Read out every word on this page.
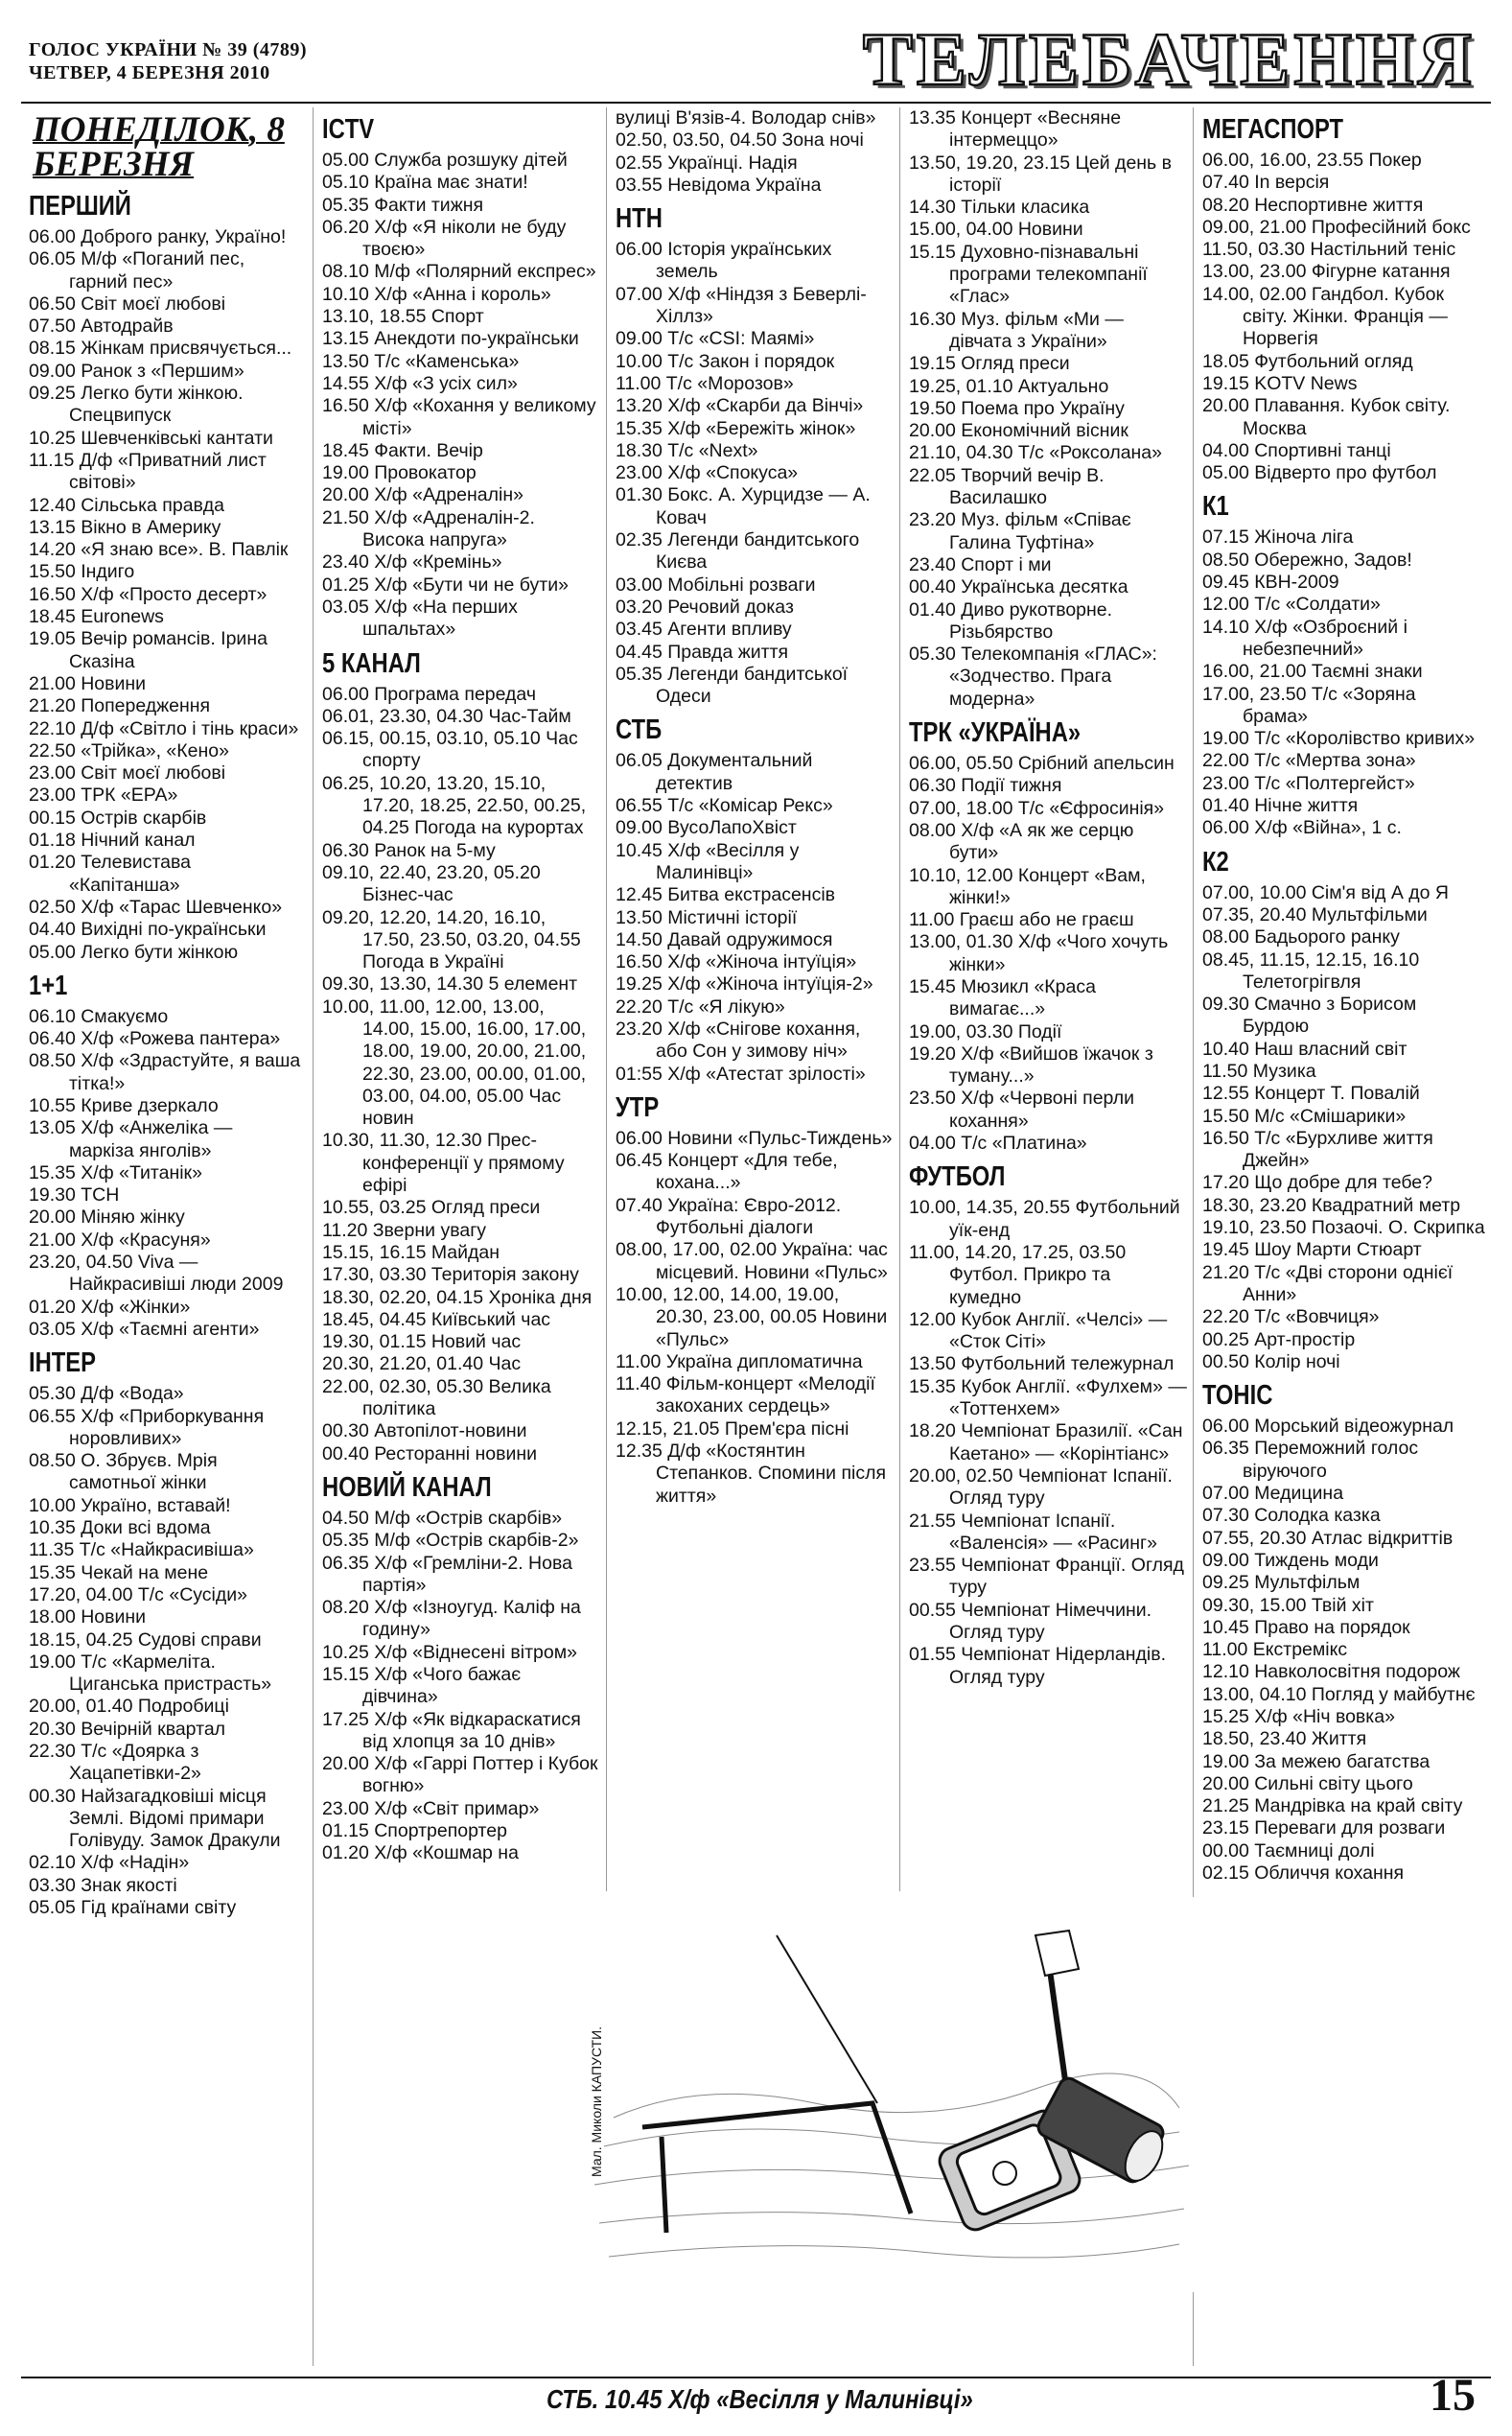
ГОЛОС УКРАЇНИ № 39 (4789)
ЧЕТВЕР, 4 БЕРЕЗНЯ 2010	ТЕЛЕБАЧЕННЯ
ПОНЕДІЛОК, 8 БЕРЕЗНЯ
ПЕРШИЙ
06.00 Доброго ранку, Україно!
06.05 М/ф «Поганий пес, гарний пес»
06.50 Світ моєї любові
07.50 Автодрайв
08.15 Жінкам присвячується...
09.00 Ранок з «Першим»
09.25 Легко бути жінкою. Спецвипуск
10.25 Шевченківські кантати
11.15 Д/ф «Приватний лист світові»
12.40 Сільська правда
13.15 Вікно в Америку
14.20 «Я знаю все». В. Павлік
15.50 Індиго
16.50 Х/ф «Просто десерт»
18.45 Euronews
19.05 Вечір романсів. Ірина Сказіна
21.00 Новини
21.20 Попередження
22.10 Д/ф «Світло і тінь краси»
22.50 «Трійка», «Кено»
23.00 Світ моєї любові
23.00 ТРК «ЕРА»
00.15 Острів скарбів
01.18 Нічний канал
01.20 Телевистава «Капітанша»
02.50 Х/ф «Тарас Шевченко»
04.40 Вихідні по-українськи
05.00 Легко бути жінкою
1+1
06.10 Смакуємо
06.40 Х/ф «Рожева пантера»
08.50 Х/ф «Здрастуйте, я ваша тітка!»
10.55 Криве дзеркало
13.05 Х/ф «Анжеліка — маркіза янголів»
15.35 Х/ф «Титанік»
19.30 ТСН
20.00 Міняю жінку
21.00 Х/ф «Красуня»
23.20, 04.50 Viva — Найкрасивіші люди 2009
01.20 Х/ф «Жінки»
03.05 Х/ф «Таємні агенти»
ІНТЕР
05.30 Д/ф «Вода»
06.55 Х/ф «Приборкування норовливих»
08.50 О. Збруєв. Мрія самотньої жінки
10.00 Україно, вставай!
10.35 Доки всі вдома
11.35 Т/с «Найкрасивіша»
15.35 Чекай на мене
17.20, 04.00 Т/с «Сусіди»
18.00 Новини
18.15, 04.25 Судові справи
19.00 Т/с «Кармеліта. Циганська пристрасть»
20.00, 01.40 Подробиці
20.30 Вечірній квартал
22.30 Т/с «Доярка з Хацапетівки-2»
00.30 Найзагадковіші місця Землі. Відомі примари Голівуду. Замок Дракули
02.10 Х/ф «Надін»
03.30 Знак якості
05.05 Гід країнами світу
ICTV
05.00 Служба розшуку дітей
05.10 Країна має знати!
05.35 Факти тижня
06.20 Х/ф «Я ніколи не буду твоєю»
08.10 М/ф «Полярний експрес»
10.10 Х/ф «Анна і король»
13.10, 18.55 Спорт
13.15 Анекдоти по-українськи
13.50 Т/с «Каменська»
14.55 Х/ф «З усіх сил»
16.50 Х/ф «Кохання у великому місті»
18.45 Факти. Вечір
19.00 Провокатор
20.00 Х/ф «Адреналін»
21.50 Х/ф «Адреналін-2. Висока напруга»
23.40 Х/ф «Кремінь»
01.25 Х/ф «Бути чи не бути»
03.05 Х/ф «На перших шпальтах»
5 КАНАЛ
06.00 Програма передач
06.01, 23.30, 04.30 Час-Тайм
06.15, 00.15, 03.10, 05.10 Час спорту
06.25, 10.20, 13.20, 15.10, 17.20, 18.25, 22.50, 00.25, 04.25 Погода на курортах
06.30 Ранок на 5-му
09.10, 22.40, 23.20, 05.20 Бізнес-час
09.20, 12.20, 14.20, 16.10, 17.50, 23.50, 03.20, 04.55 Погода в Україні
09.30, 13.30, 14.30 5 елемент
10.00, 11.00, 12.00, 13.00, 14.00, 15.00, 16.00, 17.00, 18.00, 19.00, 20.00, 21.00, 22.30, 23.00, 00.00, 01.00, 03.00, 04.00, 05.00 Час новин
10.30, 11.30, 12.30 Прес-конференції у прямому ефірі
10.55, 03.25 Огляд преси
11.20 Зверни увагу
15.15, 16.15 Майдан
17.30, 03.30 Територія закону
18.30, 02.20, 04.15 Хроніка дня
18.45, 04.45 Київський час
19.30, 01.15 Новий час
20.30, 21.20, 01.40 Час
22.00, 02.30, 05.30 Велика політика
00.30 Автопілот-новини
00.40 Ресторанні новини
НОВИЙ КАНАЛ
04.50 М/ф «Острів скарбів»
05.35 М/ф «Острів скарбів-2»
06.35 Х/ф «Гремліни-2. Нова партія»
08.20 Х/ф «Ізноугуд. Каліф на годину»
10.25 Х/ф «Віднесені вітром»
15.15 Х/ф «Чого бажає дівчина»
17.25 Х/ф «Як відкараскатися від хлопця за 10 днів»
20.00 Х/ф «Гаррі Поттер і Кубок вогню»
23.00 Х/ф «Світ примар»
01.15 Спортрепортер
01.20 Х/ф «Кошмар на
вулиці В'язів-4. Володар снів»
02.50, 03.50, 04.50 Зона ночі
02.55 Українці. Надія
03.55 Невідома Україна
НТН
06.00 Історія українських земель
07.00 Х/ф «Ніндзя з Беверлі-Хіллз»
09.00 Т/с «CSI: Маямі»
10.00 Т/с Закон і порядок
11.00 Т/с «Морозов»
13.20 Х/ф «Скарби да Вінчі»
15.35 Х/ф «Бережіть жінок»
18.30 Т/с «Next»
23.00 Х/ф «Спокуса»
01.30 Бокс. А. Хурцидзе — А. Ковач
02.35 Легенди бандитського Києва
03.00 Мобільні розваги
03.20 Речовий доказ
03.45 Агенти впливу
04.45 Правда життя
05.35 Легенди бандитської Одеси
СТБ
06.05 Документальний детектив
06.55 Т/с «Комісар Рекс»
09.00 ВусоЛапоХвіст
10.45 Х/ф «Весілля у Малинівці»
12.45 Битва екстрасенсів
13.50 Містичні історії
14.50 Давай одружимося
16.50 Х/ф «Жіноча інтуїція»
19.25 Х/ф «Жіноча інтуїція-2»
22.20 Т/с «Я лікую»
23.20 Х/ф «Снігове кохання, або Сон у зимову ніч»
01:55 Х/ф «Атестат зрілості»
УТР
06.00 Новини «Пульс-Тиждень»
06.45 Концерт «Для тебе, кохана...»
07.40 Україна: Євро-2012. Футбольні діалоги
08.00, 17.00, 02.00 Україна: час місцевий. Новини «Пульс»
10.00, 12.00, 14.00, 19.00, 20.30, 23.00, 00.05 Новини «Пульс»
11.00 Україна дипломатична
11.40 Фільм-концерт «Мелодії закоханих сердець»
12.15, 21.05 Прем'єра пісні
12.35 Д/ф «Костянтин Степанков. Спомини після життя»
13.35 Концерт «Весняне інтермеццо»
13.50, 19.20, 23.15 Цей день в історії
14.30 Тільки класика
15.00, 04.00 Новини
15.15 Духовно-пізнавальні програми телекомпанії «Глас»
16.30 Муз. фільм «Ми — дівчата з України»
19.15 Огляд преси
19.25, 01.10 Актуально
19.50 Поема про Україну
20.00 Економічний вісник
21.10, 04.30 Т/с «Роксолана»
22.05 Творчий вечір В. Василашко
23.20 Муз. фільм «Співає Галина Туфтіна»
23.40 Спорт і ми
00.40 Українська десятка
01.40 Диво рукотворне. Різьбярство
05.30 Телекомпанія «ГЛАС»: «Зодчество. Прага модерна»
ТРК «УКРАЇНА»
06.00, 05.50 Срібний апельсин
06.30 Події тижня
07.00, 18.00 Т/с «Єфросинія»
08.00 Х/ф «А як же серцю бути»
10.10, 12.00 Концерт «Вам, жінки!»
11.00 Граєш або не граєш
13.00, 01.30 Х/ф «Чого хочуть жінки»
15.45 Мюзикл «Краса вимагає...»
19.00, 03.30 Події
19.20 Х/ф «Вийшов їжачок з туману...»
23.50 Х/ф «Червоні перли кохання»
04.00 Т/с «Платина»
ФУТБОЛ
10.00, 14.35, 20.55 Футбольний уїк-енд
11.00, 14.20, 17.25, 03.50 Футбол. Прикро та кумедно
12.00 Кубок Англії. «Челсі» — «Сток Сіті»
13.50 Футбольний тележурнал
15.35 Кубок Англії. «Фулхем» — «Тоттенхем»
18.20 Чемпіонат Бразилії. «Сан Каетано» — «Корінтіанс»
20.00, 02.50 Чемпіонат Іспанії. Огляд туру
21.55 Чемпіонат Іспанії. «Валенсія» — «Расинг»
23.55 Чемпіонат Франції. Огляд туру
00.55 Чемпіонат Німеччини. Огляд туру
01.55 Чемпіонат Нідерландів. Огляд туру
МЕГАСПОРТ
06.00, 16.00, 23.55 Покер
07.40 In версія
08.20 Неспортивне життя
09.00, 21.00 Професійний бокс
11.50, 03.30 Настільний теніс
13.00, 23.00 Фігурне катання
14.00, 02.00 Гандбол. Кубок світу. Жінки. Франція — Норвегія
18.05 Футбольний огляд
19.15 KOTV News
20.00 Плавання. Кубок світу. Москва
04.00 Спортивні танці
05.00 Відверто про футбол
К1
07.15 Жіноча ліга
08.50 Обережно, Задов!
09.45 КВН-2009
12.00 Т/с «Солдати»
14.10 Х/ф «Озброєний і небезпечний»
16.00, 21.00 Таємні знаки
17.00, 23.50 Т/с «Зоряна брама»
19.00 Т/с «Королівство кривих»
22.00 Т/с «Мертва зона»
23.00 Т/с «Полтергейст»
01.40 Нічне життя
06.00 Х/ф «Війна», 1 с.
К2
07.00, 10.00 Сім'я від А до Я
07.35, 20.40 Мультфільми
08.00 Бадьорого ранку
08.45, 11.15, 12.15, 16.10 Телетогрігвля
09.30 Смачно з Борисом Бурдою
10.40 Наш власний світ
11.50 Музика
12.55 Концерт Т. Повалій
15.50 М/с «Смішарики»
16.50 Т/с «Бурхливе життя Джейн»
17.20 Що добре для тебе?
18.30, 23.20 Квадратний метр
19.10, 23.50 Позаочі. О. Скрипка
19.45 Шоу Марти Стюарт
21.20 Т/с «Дві сторони однієї Анни»
22.20 Т/с «Вовчиця»
00.25 Арт-простір
00.50 Колір ночі
ТОНІС
06.00 Морський відеожурнал
06.35 Переможний голос віруючого
07.00 Медицина
07.30 Солодка казка
07.55, 20.30 Атлас відкриттів
09.00 Тиждень моди
09.25 Мультфільм
09.30, 15.00 Твій хіт
10.45 Право на порядок
11.00 Екстремікс
12.10 Навколосвітня подорож
13.00, 04.10 Погляд у майбутнє
15.25 Х/ф «Ніч вовка»
18.50, 23.40 Життя
19.00 За межею багатства
20.00 Сильні світу цього
21.25 Мандрівка на край світу
23.15 Переваги для розваги
00.00 Таємниці долі
02.15 Обличчя кохання
Мал. Миколи КАПУСТИ.
СТБ. 10.45 Х/ф «Весілля у Малинівці»	15
